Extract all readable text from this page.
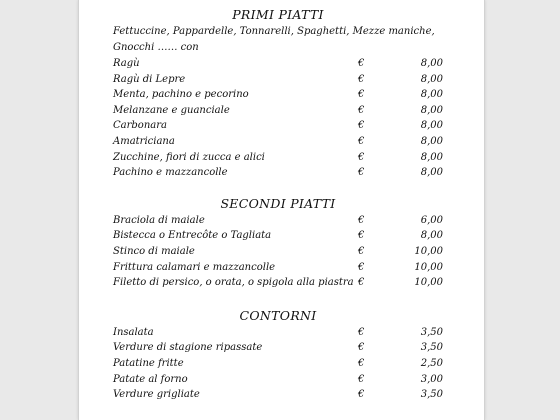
PRIMI PIATTI
Fettuccine, Pappardelle, Tonnarelli, Spaghetti, Mezze maniche, Gnocchi …… con
Ragù	€	8,00
Ragù di Lepre	€	8,00
Menta, pachino e pecorino	€	8,00
Melanzane e guanciale	€	8,00
Carbonara	€	8,00
Amatriciana	€	8,00
Zucchine, fiori di zucca e alici	€	8,00
Pachino e mazzancolle	€	8,00
SECONDI PIATTI
Braciola di maiale	€	6,00
Bistecca o Entrecôte o Tagliata	€	8,00
Stinco di maiale	€	10,00
Frittura calamari e mazzancolle	€	10,00
Filetto di persico, o orata, o spigola alla piastra €	10,00
CONTORNI
Insalata	€	3,50
Verdure di stagione ripassate	€	3,50
Patatine fritte	€	2,50
Patate al forno	€	3,00
Verdure grigliate	€	3,50
